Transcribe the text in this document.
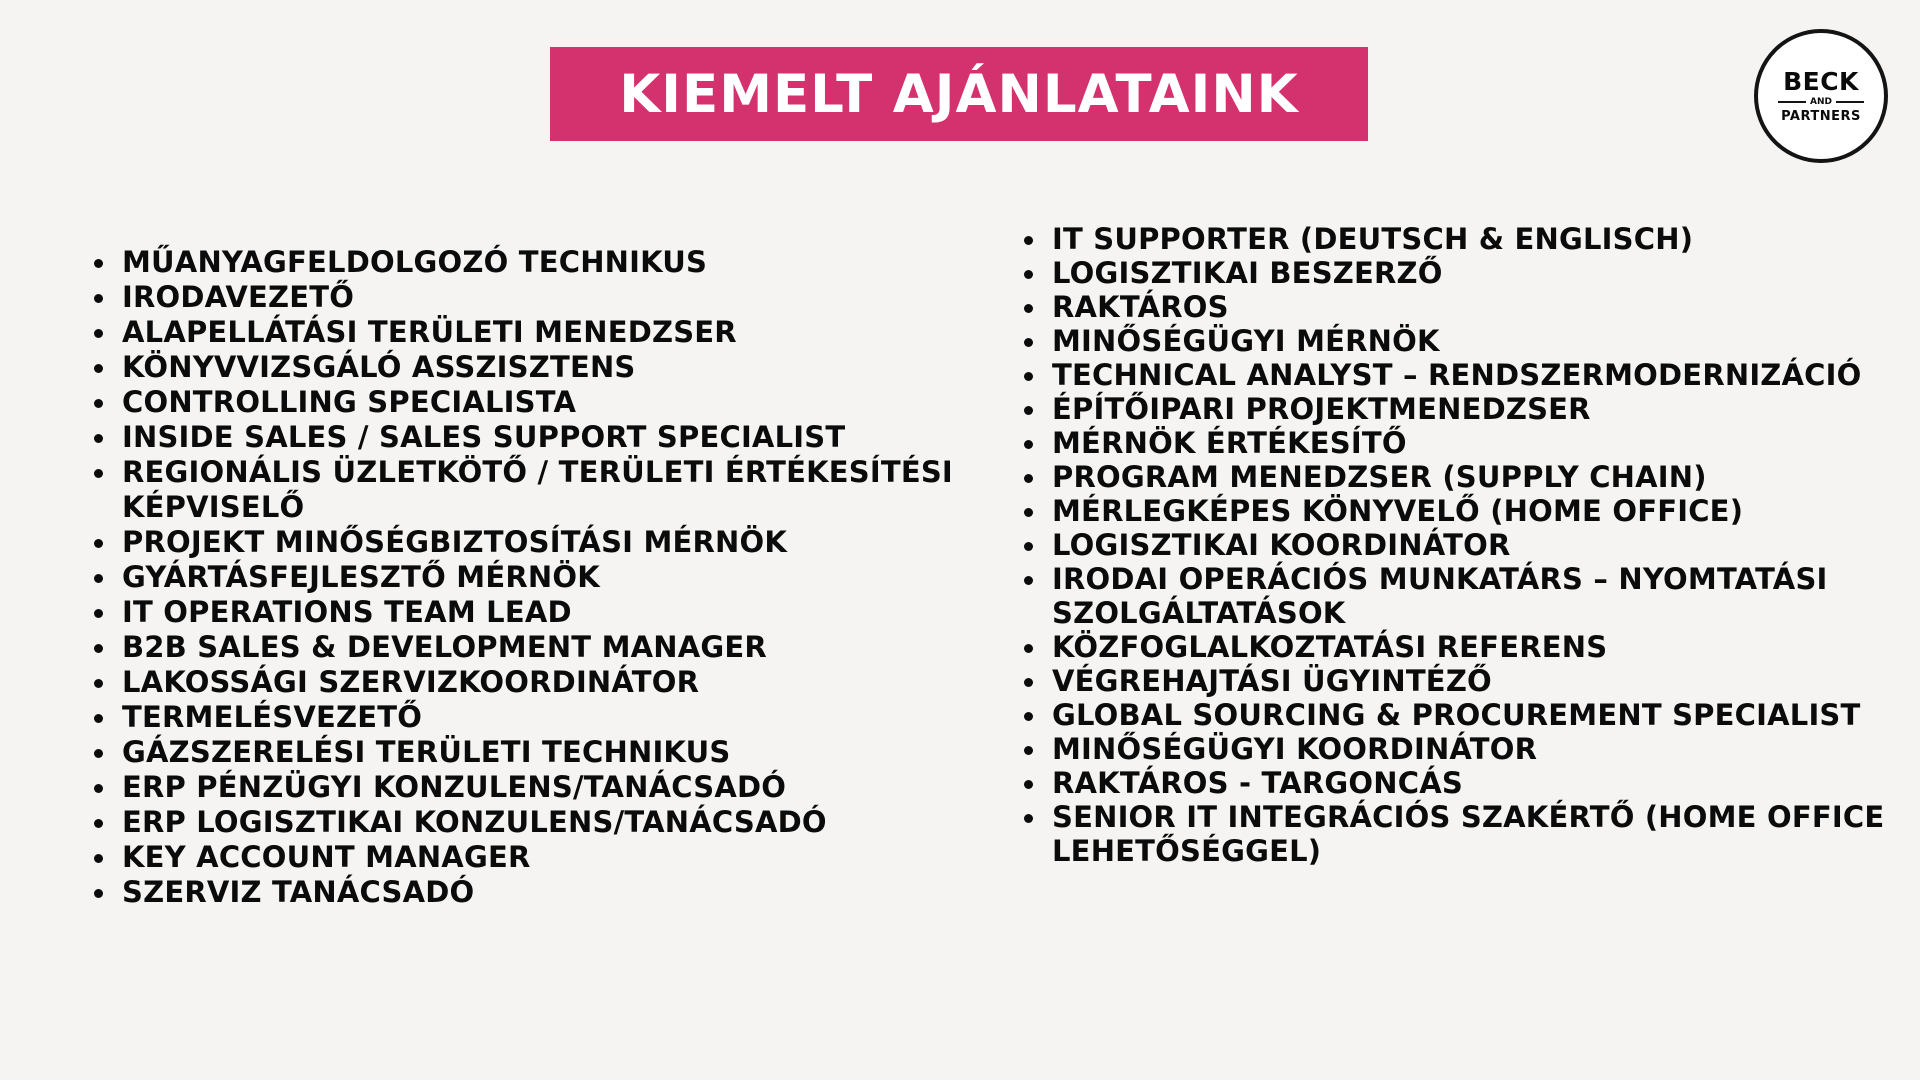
KIEMELT AJÁNLATAINK	BECK
AND
PARTNERS
MŰANYAGFELDOLGOZÓ TECHNIKUS
IRODAVEZETŐ
ALAPELLÁTÁSI TERÜLETI MENEDZSER
KÖNYVVIZSGÁLÓ ASSZISZTENS
CONTROLLING SPECIALISTA
INSIDE SALES / SALES SUPPORT SPECIALIST
REGIONÁLIS ÜZLETKÖTŐ / TERÜLETI ÉRTÉKESÍTÉSI KÉPVISELŐ
PROJEKT MINŐSÉGBIZTOSÍTÁSI MÉRNÖK
GYÁRTÁSFEJLESZTŐ MÉRNÖK
IT OPERATIONS TEAM LEAD
B2B SALES & DEVELOPMENT MANAGER
LAKOSSÁGI SZERVIZKOORDINÁTOR
TERMELÉSVEZETŐ
GÁZSZERELÉSI TERÜLETI TECHNIKUS
ERP PÉNZÜGYI KONZULENS/TANÁCSADÓ
ERP LOGISZTIKAI KONZULENS/TANÁCSADÓ
KEY ACCOUNT MANAGER
SZERVIZ TANÁCSADÓ
IT SUPPORTER (DEUTSCH & ENGLISCH)
LOGISZTIKAI BESZERZŐ
RAKTÁROS
MINŐSÉGÜGYI MÉRNÖK
TECHNICAL ANALYST – RENDSZERMODERNIZÁCIÓ
ÉPÍTŐIPARI PROJEKTMENEDZSER
MÉRNÖK ÉRTÉKESÍTŐ
PROGRAM MENEDZSER (SUPPLY CHAIN)
MÉRLEGKÉPES KÖNYVELŐ (HOME OFFICE)
LOGISZTIKAI KOORDINÁTOR
IRODAI OPERÁCIÓS MUNKATÁRS – NYOMTATÁSI SZOLGÁLTATÁSOK
KÖZFOGLALKOZTATÁSI REFERENS
VÉGREHAJTÁSI ÜGYINTÉZŐ
GLOBAL SOURCING & PROCUREMENT SPECIALIST
MINŐSÉGÜGYI KOORDINÁTOR
RAKTÁROS - TARGONCÁS
SENIOR IT INTEGRÁCIÓS SZAKÉRTŐ (HOME OFFICE LEHETŐSÉGGEL)
